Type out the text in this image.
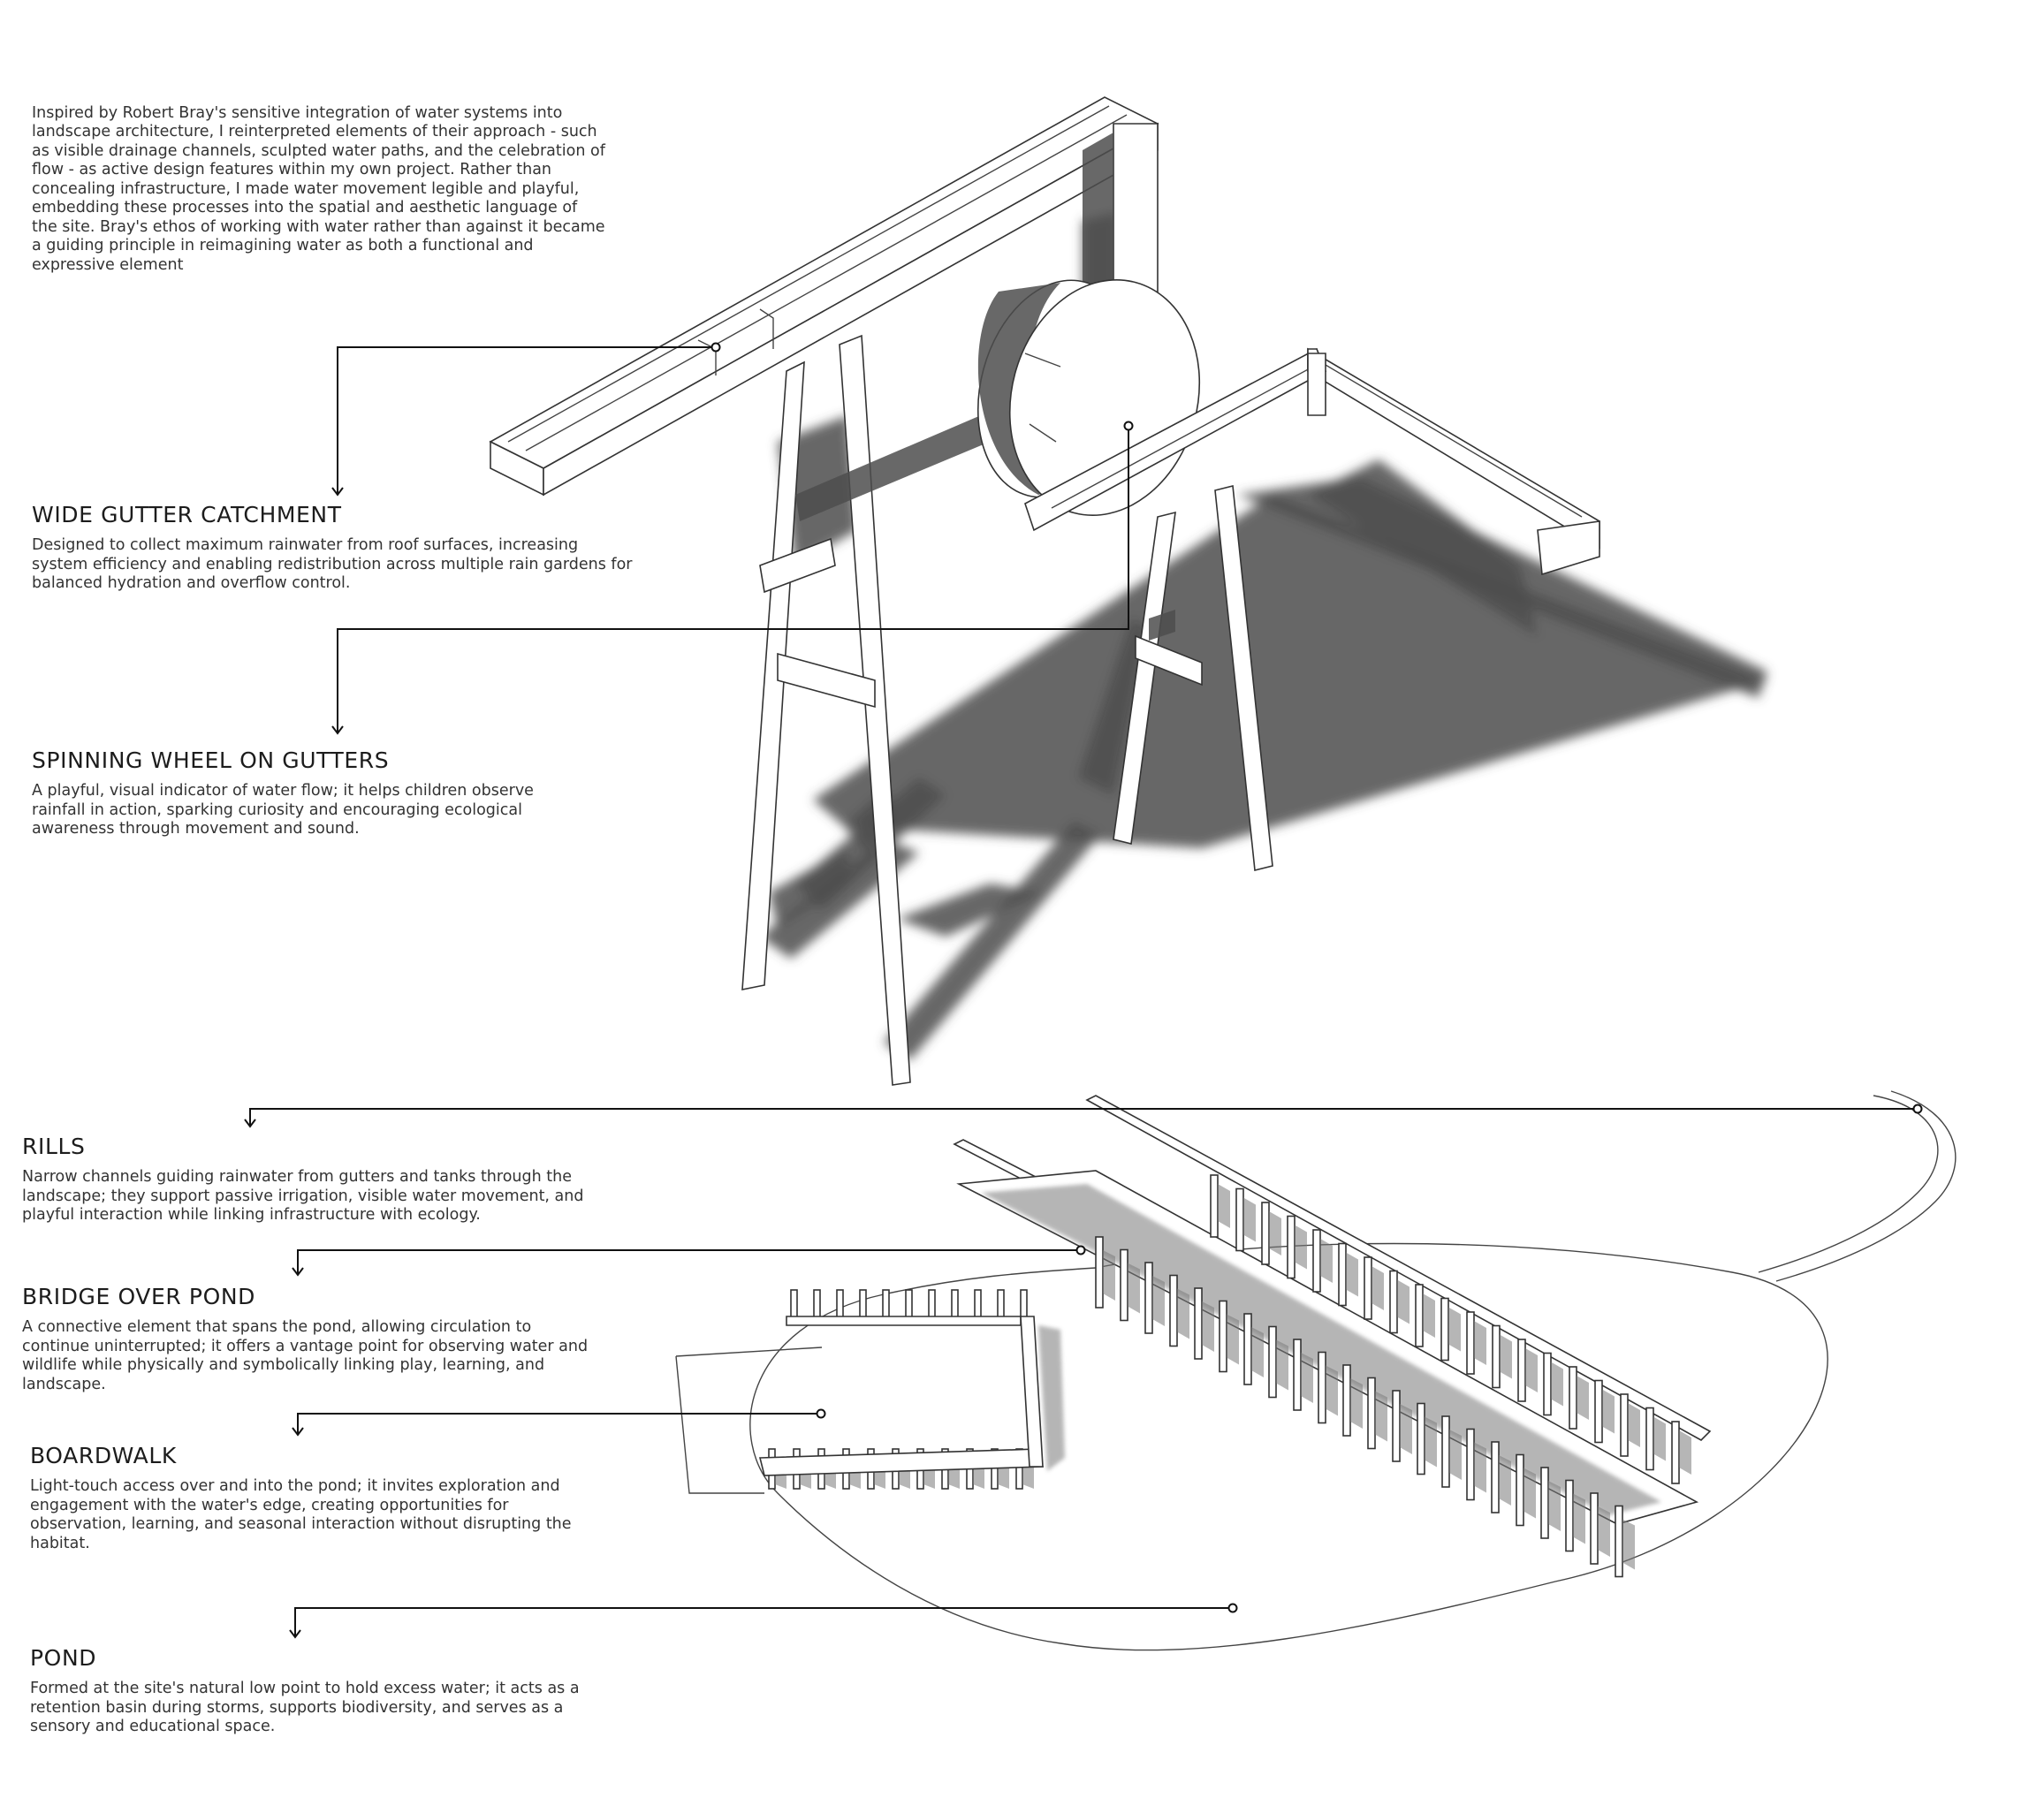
Inspired by Robert Bray's sensitive integration of water systems into landscape architecture, I reinterpreted elements of their approach - such as visible drainage channels, sculpted water paths, and the celebration of flow - as active design features within my own project. Rather than concealing infrastructure, I made water movement legible and playful, embedding these processes into the spatial and aesthetic language of the site. Bray's ethos of working with water rather than against it became a guiding principle in reimagining water as both a functional and expressive element

WIDE GUTTER CATCHMENT

Designed to collect maximum rainwater from roof surfaces, increasing system efficiency and enabling redistribution across multiple rain gardens for balanced hydration and overflow control.

SPINNING WHEEL ON GUTTERS

A playful, visual indicator of water flow; it helps children observe rainfall in action, sparking curiosity and encouraging ecological awareness through movement and sound.

RILLS

Narrow channels guiding rainwater from gutters and tanks through the landscape; they support passive irrigation, visible water movement, and playful interaction while linking infrastructure with ecology.

BRIDGE OVER POND

A connective element that spans the pond, allowing circulation to continue uninterrupted; it offers a vantage point for observing water and wildlife while physically and symbolically linking play, learning, and landscape.

BOARDWALK

Light-touch access over and into the pond; it invites exploration and engagement with the water's edge, creating opportunities for observation, learning, and seasonal interaction without disrupting the habitat.

POND

Formed at the site's natural low point to hold excess water; it acts as a retention basin during storms, supports biodiversity, and serves as a sensory and educational space.
